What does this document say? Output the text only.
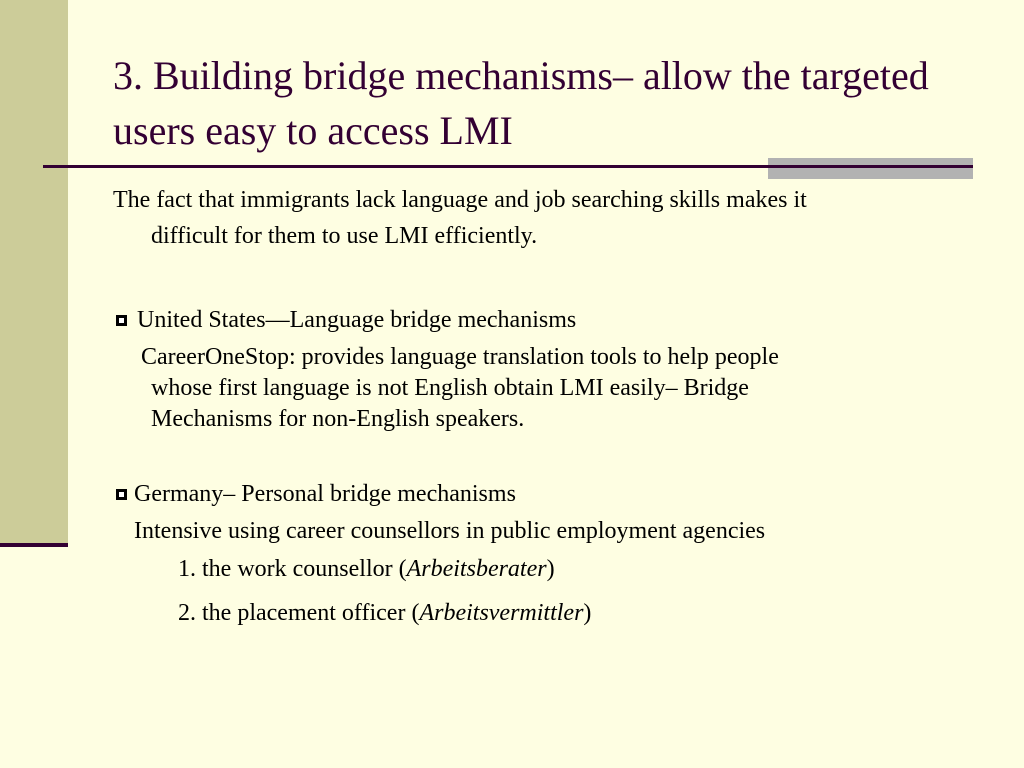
3. Building bridge mechanisms– allow the targeted users easy to access LMI
The fact that immigrants lack language and job searching skills makes it
difficult for them to use LMI efficiently.
United States—Language bridge mechanisms
CareerOneStop: provides language translation tools to help people
whose first language is not English obtain LMI easily– Bridge
Mechanisms for non-English speakers.
Germany– Personal bridge mechanisms
Intensive using career counsellors in public employment agencies
1. the work counsellor (Arbeitsberater)
2. the placement officer (Arbeitsvermittler)
